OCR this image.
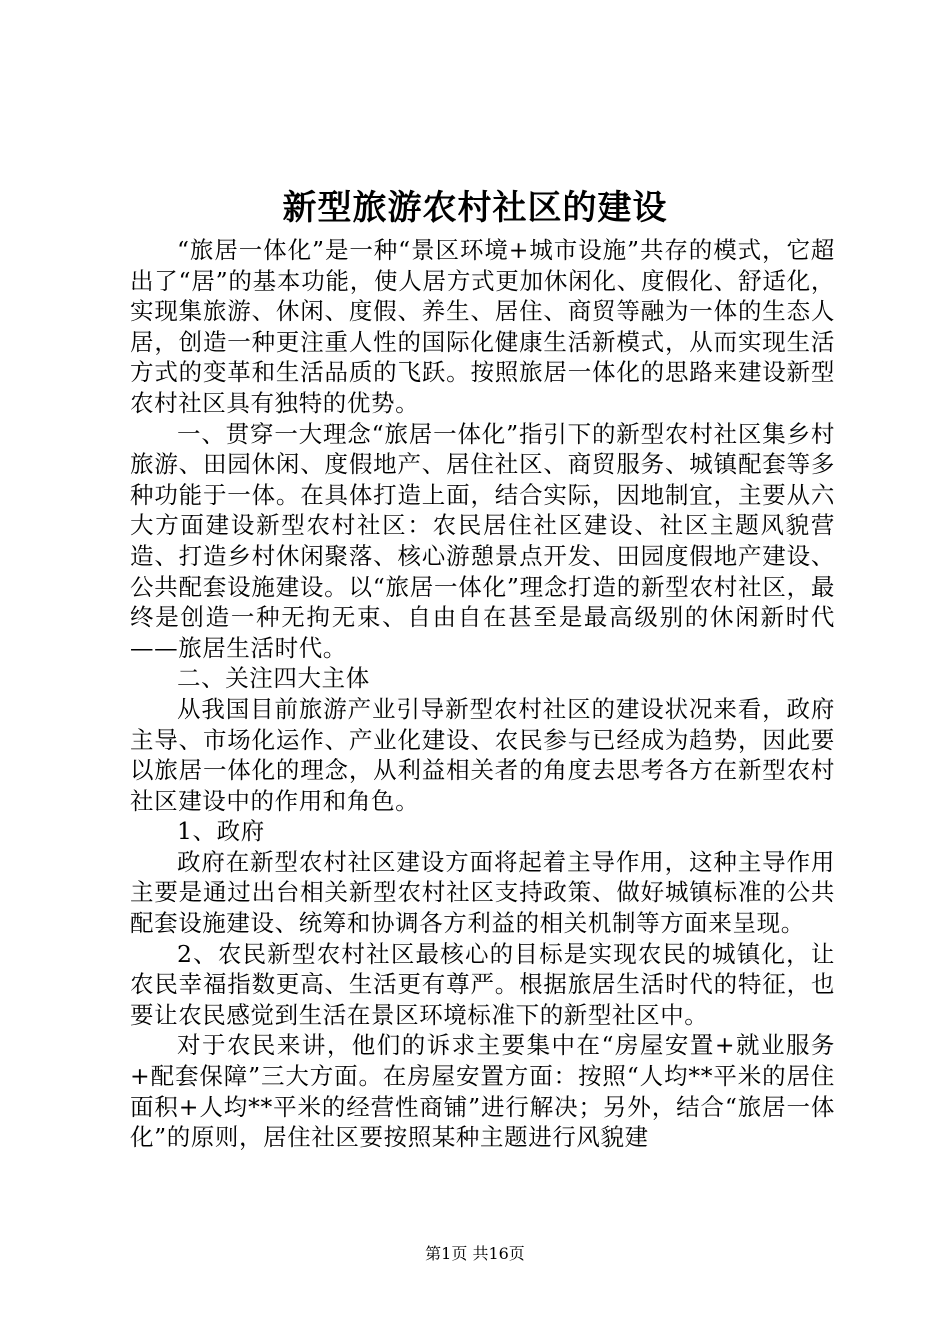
新型旅游农村社区的建设

“旅居一体化”是一种“景区环境+城市设施”共存的模式，它超出了“居”的基本功能，使人居方式更加休闲化、度假化、舒适化，实现集旅游、休闲、度假、养生、居住、商贸等融为一体的生态人居，创造一种更注重人性的国际化健康生活新模式，从而实现生活方式的变革和生活品质的飞跃。按照旅居一体化的思路来建设新型农村社区具有独特的优势。

一、贯穿一大理念“旅居一体化”指引下的新型农村社区集乡村旅游、田园休闲、度假地产、居住社区、商贸服务、城镇配套等多种功能于一体。在具体打造上面，结合实际，因地制宜，主要从六大方面建设新型农村社区：农民居住社区建设、社区主题风貌营造、打造乡村休闲聚落、核心游憩景点开发、田园度假地产建设、公共配套设施建设。以“旅居一体化”理念打造的新型农村社区，最终是创造一种无拘无束、自由自在甚至是最高级别的休闲新时代——旅居生活时代。

二、关注四大主体

从我国目前旅游产业引导新型农村社区的建设状况来看，政府主导、市场化运作、产业化建设、农民参与已经成为趋势，因此要以旅居一体化的理念，从利益相关者的角度去思考各方在新型农村社区建设中的作用和角色。

1、政府

政府在新型农村社区建设方面将起着主导作用，这种主导作用主要是通过出台相关新型农村社区支持政策、做好城镇标准的公共配套设施建设、统筹和协调各方利益的相关机制等方面来呈现。

2、农民新型农村社区最核心的目标是实现农民的城镇化，让农民幸福指数更高、生活更有尊严。根据旅居生活时代的特征，也要让农民感觉到生活在景区环境标准下的新型社区中。

对于农民来讲，他们的诉求主要集中在“房屋安置+就业服务+配套保障”三大方面。在房屋安置方面：按照“人均**平米的居住面积+人均**平米的经营性商铺”进行解决；另外，结合“旅居一体化”的原则，居住社区要按照某种主题进行风貌建

第1页 共16页
